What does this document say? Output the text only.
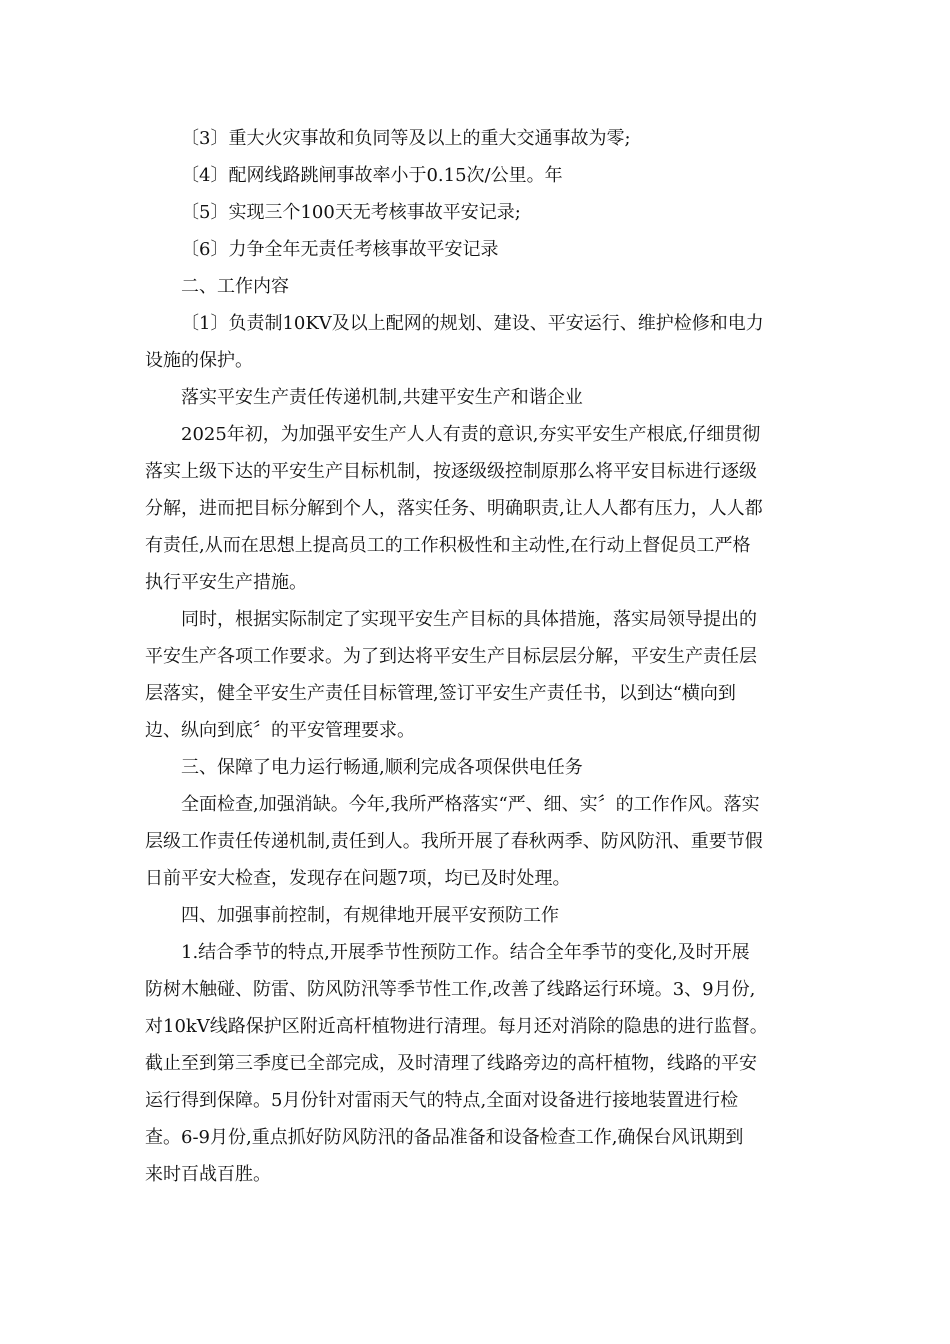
〔3〕重大火灾事故和负同等及以上的重大交通事故为零;

〔4〕配网线路跳闸事故率小于0.15次/公里。年

〔5〕实现三个100天无考核事故平安记录;

〔6〕力争全年无责任考核事故平安记录

二、工作内容

〔1〕负责制10KV及以上配网的规划、建设、平安运行、维护检修和电力
设施的保护。

落实平安生产责任传递机制,共建平安生产和谐企业

2025年初，为加强平安生产人人有责的意识,夯实平安生产根底,仔细贯彻
落实上级下达的平安生产目标机制，按逐级级控制原那么将平安目标进行逐级
分解，进而把目标分解到个人，落实任务、明确职责,让人人都有压力，人人都
有责任,从而在思想上提高员工的工作积极性和主动性,在行动上督促员工严格
执行平安生产措施。

同时，根据实际制定了实现平安生产目标的具体措施，落实局领导提出的
平安生产各项工作要求。为了到达将平安生产目标层层分解，平安生产责任层
层落实，健全平安生产责任目标管理,签订平安生产责任书，以到达“横向到
边、纵向到底〞的平安管理要求。

三、保障了电力运行畅通,顺利完成各项保供电任务

全面检查,加强消缺。今年,我所严格落实“严、细、实〞的工作作风。落实
层级工作责任传递机制,责任到人。我所开展了春秋两季、防风防汛、重要节假
日前平安大检查，发现存在问题7项，均已及时处理。

四、加强事前控制，有规律地开展平安预防工作

1.结合季节的特点,开展季节性预防工作。结合全年季节的变化,及时开展
防树木触碰、防雷、防风防汛等季节性工作,改善了线路运行环境。3、9月份,
对10kV线路保护区附近高杆植物进行清理。每月还对消除的隐患的进行监督。
截止至到第三季度已全部完成，及时清理了线路旁边的高杆植物，线路的平安
运行得到保障。5月份针对雷雨天气的特点,全面对设备进行接地装置进行检
查。6-9月份,重点抓好防风防汛的备品准备和设备检查工作,确保台风讯期到
来时百战百胜。
